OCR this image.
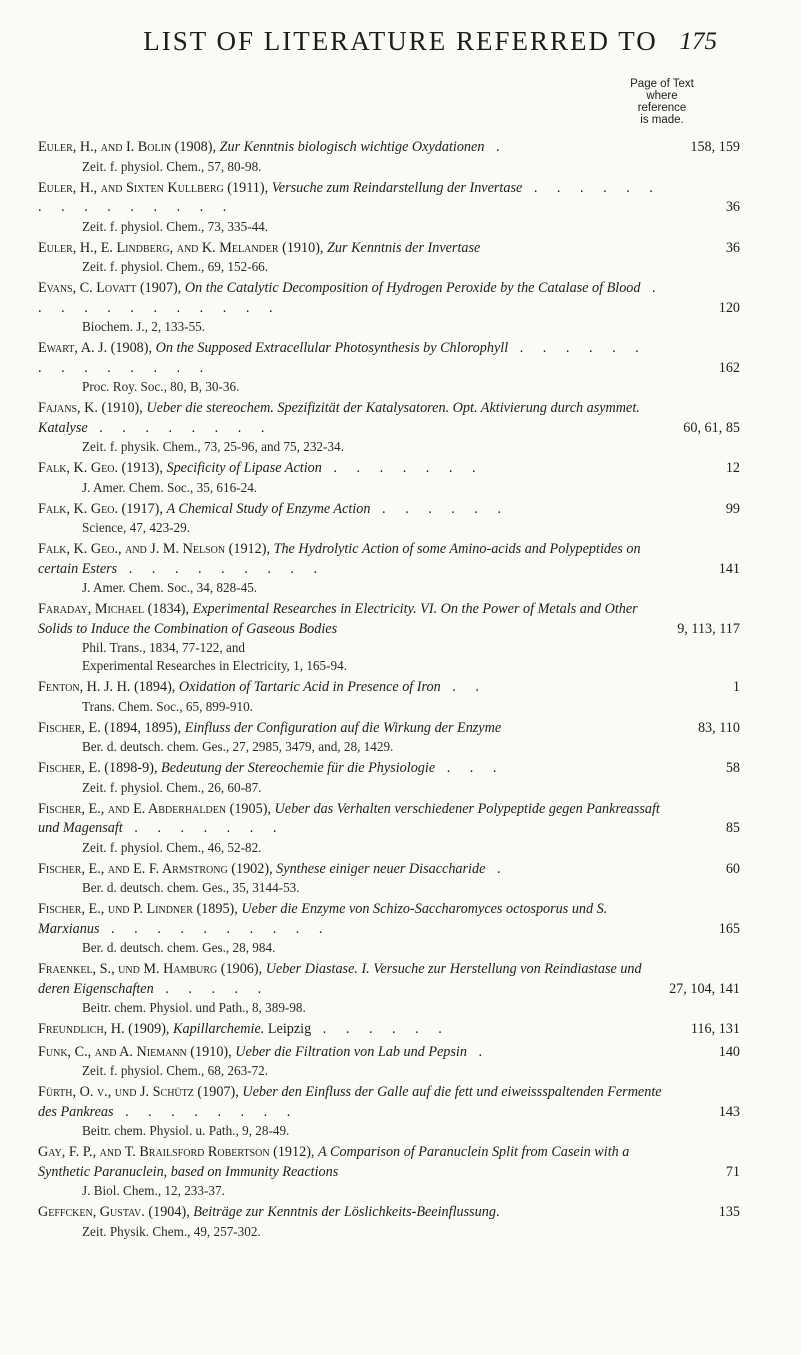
LIST OF LITERATURE REFERRED TO 175
Page of Text
where
reference
is made.
Euler, H., and I. Bolin (1908), Zur Kenntnis biologisch wichtige Oxydationen .	158, 159
Zeit. f. physiol. Chem., 57, 80-98.
Euler, H., and Sixten Kullberg (1911), Versuche zum Reindarstellung der Invertase . . . . . . . . . . . . . . .	36
Zeit. f. physiol. Chem., 73, 335-44.
Euler, H., E. Lindberg, and K. Melander (1910), Zur Kenntnis der Invertase	36
Zeit. f. physiol. Chem., 69, 152-66.
Evans, C. Lovatt (1907), On the Catalytic Decomposition of Hydrogen Peroxide by the Catalase of Blood . . . . . . . . . . . .	120
Biochem. J., 2, 133-55.
Ewart, A. J. (1908), On the Supposed Extracellular Photosynthesis by Chlorophyll . . . . . . . . . . . . . .	162
Proc. Roy. Soc., 80, B, 30-36.
Fajans, K. (1910), Ueber die stereochem. Spezifizität der Katalysatoren. Opt. Aktivierung durch asymmet. Katalyse . . . . . . . .	60, 61, 85
Zeit. f. physik. Chem., 73, 25-96, and 75, 232-34.
Falk, K. Geo. (1913), Specificity of Lipase Action . . . . . . .	12
J. Amer. Chem. Soc., 35, 616-24.
Falk, K. Geo. (1917), A Chemical Study of Enzyme Action . . . . . .	99
Science, 47, 423-29.
Falk, K. Geo., and J. M. Nelson (1912), The Hydrolytic Action of some Amino-acids and Polypeptides on certain Esters . . . . . . . . .	141
J. Amer. Chem. Soc., 34, 828-45.
Faraday, Michael (1834), Experimental Researches in Electricity. VI. On the Power of Metals and Other Solids to Induce the Combination of Gaseous Bodies	9, 113, 117
Phil. Trans., 1834, 77-122, and
Experimental Researches in Electricity, 1, 165-94.
Fenton, H. J. H. (1894), Oxidation of Tartaric Acid in Presence of Iron . .	1
Trans. Chem. Soc., 65, 899-910.
Fischer, E. (1894, 1895), Einfluss der Configuration auf die Wirkung der Enzyme	83, 110
Ber. d. deutsch. chem. Ges., 27, 2985, 3479, and, 28, 1429.
Fischer, E. (1898-9), Bedeutung der Stereochemie für die Physiologie . . .	58
Zeit. f. physiol. Chem., 26, 60-87.
Fischer, E., and E. Abderhalden (1905), Ueber das Verhalten verschiedener Polypeptide gegen Pankreassaft und Magensaft . . . . . . .	85
Zeit. f. physiol. Chem., 46, 52-82.
Fischer, E., and E. F. Armstrong (1902), Synthese einiger neuer Disaccharide .	60
Ber. d. deutsch. chem. Ges., 35, 3144-53.
Fischer, E., und P. Lindner (1895), Ueber die Enzyme von Schizo-Saccharomyces octosporus und S. Marxianus . . . . . . . . . .	165
Ber. d. deutsch. chem. Ges., 28, 984.
Fraenkel, S., und M. Hamburg (1906), Ueber Diastase. I. Versuche zur Herstellung von Reindiastase und deren Eigenschaften . . . . .	27, 104, 141
Beitr. chem. Physiol. und Path., 8, 389-98.
Freundlich, H. (1909), Kapillarchemie. Leipzig . . . . . .	116, 131
Funk, C., and A. Niemann (1910), Ueber die Filtration von Lab und Pepsin .	140
Zeit. f. physiol. Chem., 68, 263-72.
Fürth, O. v., und J. Schütz (1907), Ueber den Einfluss der Galle auf die fett und eiweissspaltenden Fermente des Pankreas . . . . . . . .	143
Beitr. chem. Physiol. u. Path., 9, 28-49.
Gay, F. P., and T. Brailsford Robertson (1912), A Comparison of Paranuclein Split from Casein with a Synthetic Paranuclein, based on Immunity Reactions	71
J. Biol. Chem., 12, 233-37.
Geffcken, Gustav. (1904), Beiträge zur Kenntnis der Löslichkeits-Beeinflussung.	135
Zeit. Physik. Chem., 49, 257-302.
